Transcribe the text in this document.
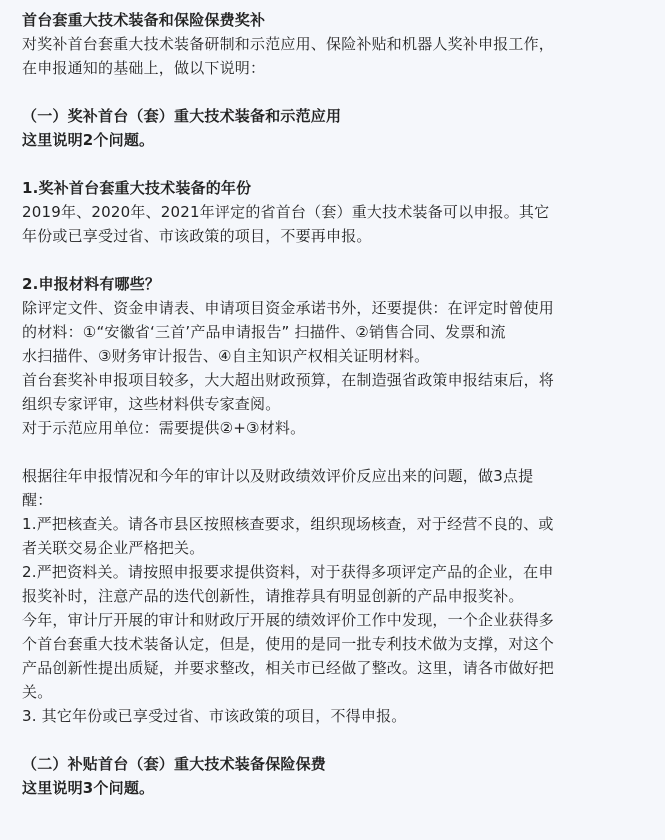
首台套重大技术装备和保险保费奖补

对奖补首台套重大技术装备研制和示范应用、保险补贴和机器人奖补申报工作，

在申报通知的基础上，做以下说明：

（一）奖补首台（套）重大技术装备和示范应用

这里说明2个问题。

1.奖补首台套重大技术装备的年份

2019年、2020年、2021年评定的省首台（套）重大技术装备可以申报。其它

年份或已享受过省、市该政策的项目，不要再申报。

2.申报材料有哪些？

除评定文件、资金申请表、申请项目资金承诺书外，还要提供：在评定时曾使用

的材料：①“安徽省‘三首’产品申请报告” 扫描件、②销售合同、发票和流

水扫描件、③财务审计报告、④自主知识产权相关证明材料。

首台套奖补申报项目较多，大大超出财政预算，在制造强省政策申报结束后，将

组织专家评审，这些材料供专家查阅。

对于示范应用单位：需要提供②+③材料。

根据往年申报情况和今年的审计以及财政绩效评价反应出来的问题，做3点提

醒：

1.严把核查关。请各市县区按照核查要求，组织现场核查，对于经营不良的、或

者关联交易企业严格把关。

2.严把资料关。请按照申报要求提供资料，对于获得多项评定产品的企业，在申

报奖补时，注意产品的迭代创新性，请推荐具有明显创新的产品申报奖补。

今年，审计厅开展的审计和财政厅开展的绩效评价工作中发现，一个企业获得多

个首台套重大技术装备认定，但是，使用的是同一批专利技术做为支撑，对这个

产品创新性提出质疑，并要求整改，相关市已经做了整改。这里，请各市做好把

关。

3. 其它年份或已享受过省、市该政策的项目，不得申报。

（二）补贴首台（套）重大技术装备保险保费

这里说明3个问题。
